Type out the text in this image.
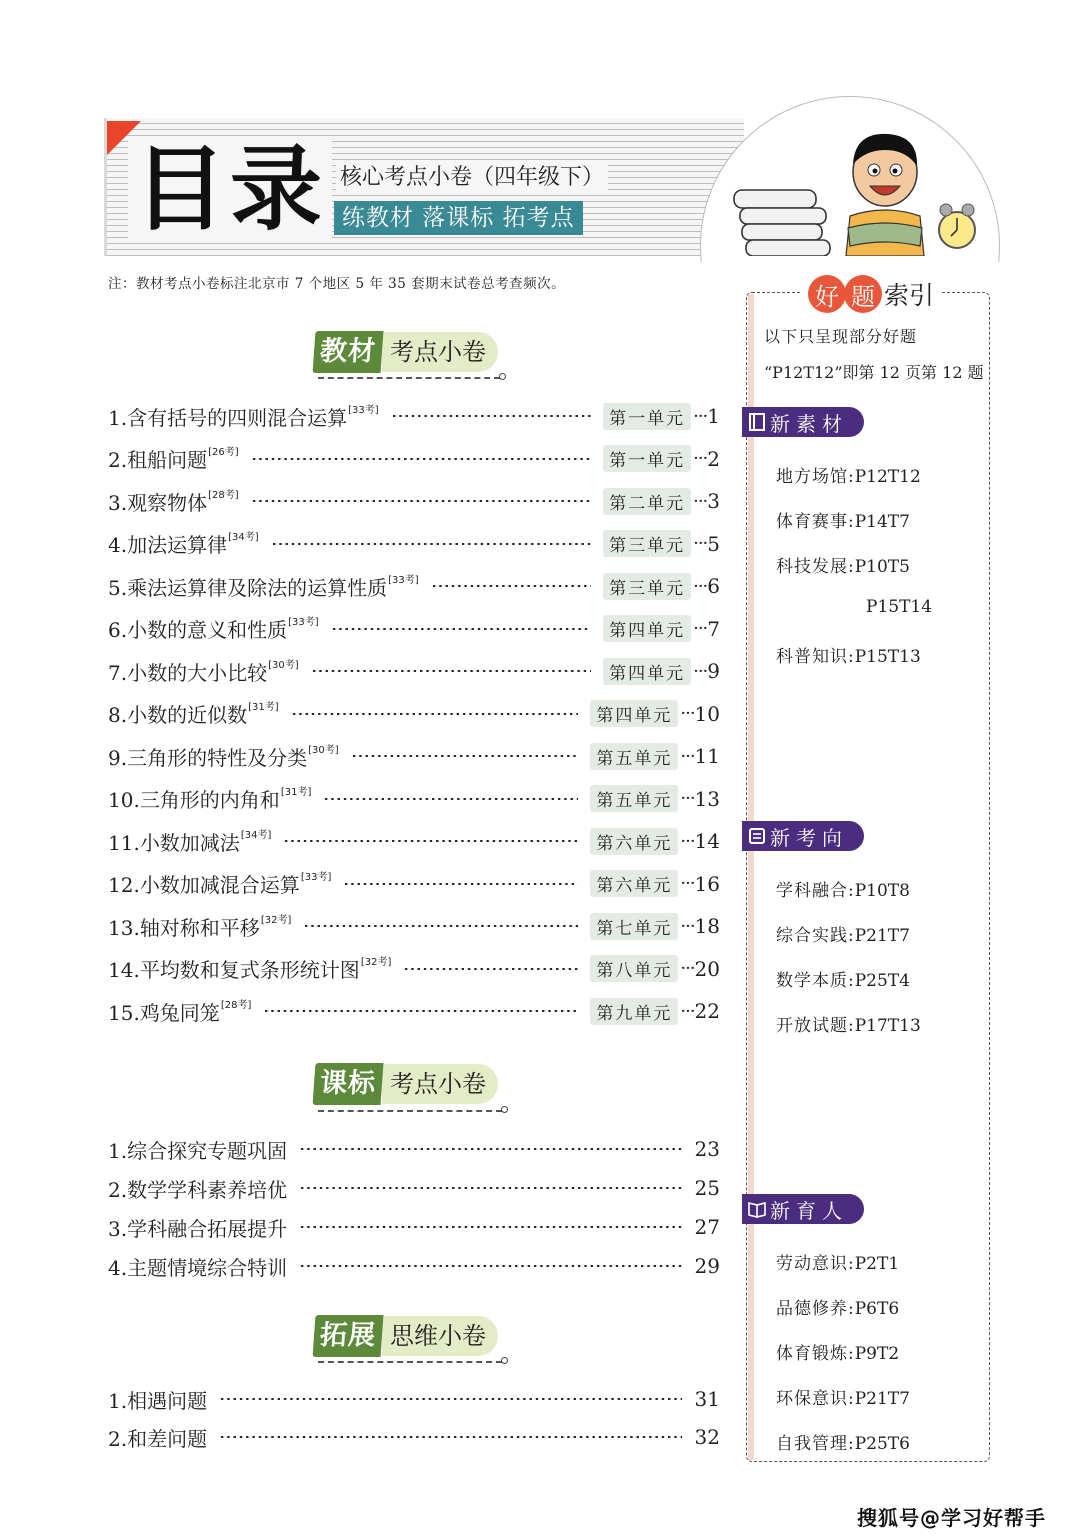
目录 核心考点小卷（四年级下）
练教材 落课标 拓考点
注：教材考点小卷标注北京市 7 个地区 5 年 35 套期末试卷总考查频次。
教材 考点小卷
1.含有括号的四则混合运算[33考]	第一单元 ··· 1
2.租船问题[26考]	第一单元 ··· 2
3.观察物体[28考]	第二单元 ··· 3
4.加法运算律[34考]	第三单元 ··· 5
5.乘法运算律及除法的运算性质[33考]	第三单元 ··· 6
6.小数的意义和性质[33考]	第四单元 ··· 7
7.小数的大小比较[30考]	第四单元 ··· 9
8.小数的近似数[31考]	第四单元 ··· 10
9.三角形的特性及分类[30考]	第五单元 ··· 11
10.三角形的内角和[31考]	第五单元 ··· 13
11.小数加减法[34考]	第六单元 ··· 14
12.小数加减混合运算[33考]	第六单元 ··· 16
13.轴对称和平移[32考]	第七单元 ··· 18
14.平均数和复式条形统计图[32考]	第八单元 ··· 20
15.鸡兔同笼[28考]	第九单元 ··· 22
课标 考点小卷
1.综合探究专题巩固	23
2.数学学科素养培优	25
3.学科融合拓展提升	27
4.主题情境综合特训	29
拓展 思维小卷
1.相遇问题	31
2.和差问题	32
好 题 索引
以下只呈现部分好题
“P12T12”即第 12 页第 12 题
新素材
地方场馆:P12T12
体育赛事:P14T7
科技发展:P10T5
P15T14
科普知识:P15T13
新考向
学科融合:P10T8
综合实践:P21T7
数学本质:P25T4
开放试题:P17T13
新育人
劳动意识:P2T1
品德修养:P6T6
体育锻炼:P9T2
环保意识:P21T7
自我管理:P25T6
搜狐号@学习好帮手
